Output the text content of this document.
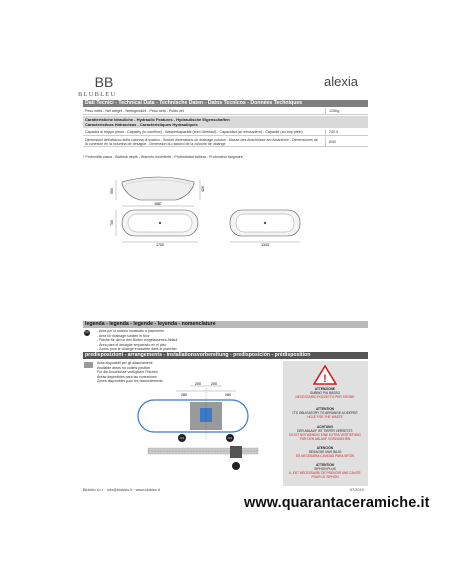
BB
BLUBLEU
alexia
Dati Tecnici - Technical Data - Technische Daten - Datos Tecnicos - Données Techniques
Peso netto - Net weight - Nettogewicht - Peso neto - Poids net	125Kg
Caratteristiche Idrauliche - Hydraulic Features - Hydraulische Eigenschaften
Características Hidráulicas - Caractéristiques Hydrauliques
Capacità al troppo pieno - Capacity (to overflow) - Wasserkapazität (zum Überlauf) - Capacidad (al rebosadero) - Capacité (au trop plein)	240 lt
Dimensioni dell'attacco sulla colonna di scarico - Socket dimensions on drainage column - Masse des Anschlüsse am Ablaufrohr - Dimensiones de
la conexión en la columna de desagüe - Dimension du raccord de la colonne de vidange
Ø40
* Profondità vasca - Bathtub depth - Wannen-Innentiefe - Profundidad bañera - Profondeur baignoire
550	420
1587
700
1700	1343
legenda - legenda - legende - leyenda - nomenclature
C1	- Area per lo scarico incassato a pavimento
- Area for drainage sunken in floor
- Fläche für den in den Boden eingelassenen Ablauf
- Área para el desagüe empotrado en el piso
- Zones pour le vidange encastrée dans le plancher
predisposizioni - arrangements - installationsvorbereitung - predisposición - prédisposition
Area disponibili per gli allacciamenti
Available areas for outlets position
Für die Anschlüsse verfügbare Flächen
Áreas disponibles para las conexiones
Zones disponibles pour les raccordements
200	200
280	280
C1	C1
!
ATTENZIONE
SUBBIO PIU BASSO
NECESSARIO POZZETTO PER SIFONE
ATTENTION
IT'S OBLIGATORY TO ARRANGE A DEEPER
HOLE FOR THE WASTE
ACHTUNG
DER ABLAUF IST TIEFER VERSETZT:
ES IST NOTWENDIG EINE EXTRA VERTIEFUNG
FÜR DEN ABLAUF VORZUSEHEN
ATENCIÓN
DESAGÜE MAS BAJO
ES NECESARIA CAVIDAD PARA SIFÓN
ATTENTION
SIPHON PLUS
IL EST NÉCESSAIRE DE PRÉVOIR UNE CAVITÉ
POUR LE SIPHON
Blubleu s.r.l. · info@blubleu.it · www.blubleu.it	07/2019
www.quarantaceramiche.it
